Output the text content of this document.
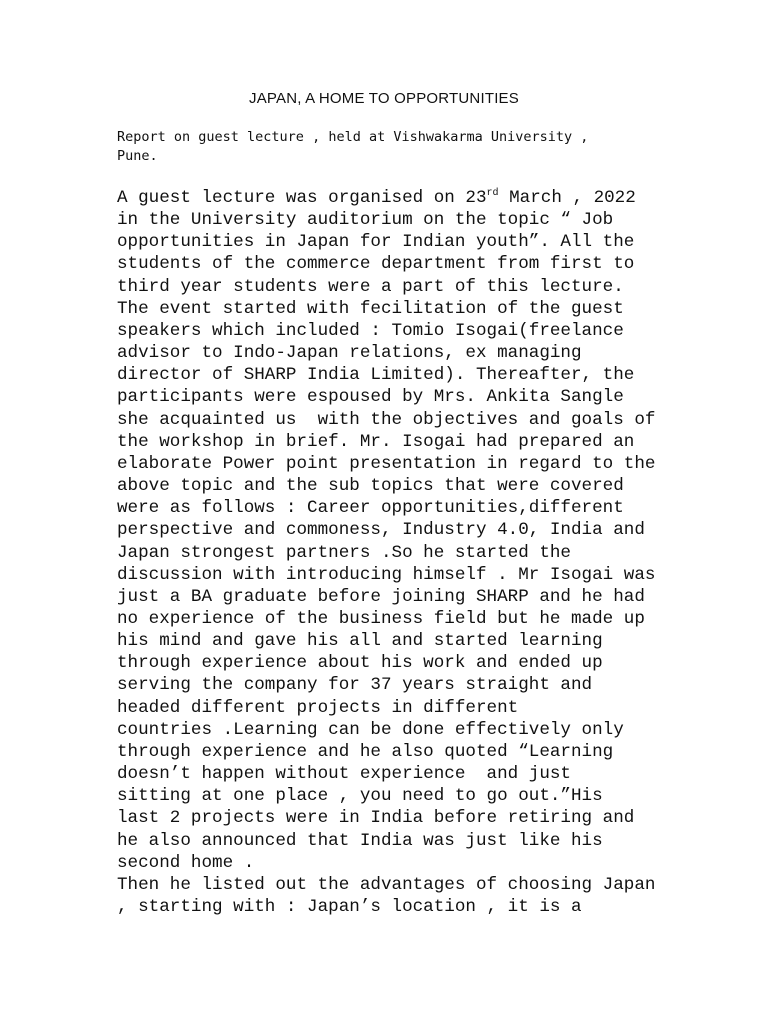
JAPAN, A HOME TO OPPORTUNITIES
Report on guest lecture , held at Vishwakarma University ,
Pune.
A guest lecture was organised on 23rd March , 2022
in the University auditorium on the topic “ Job
opportunities in Japan for Indian youth”. All the
students of the commerce department from first to
third year students were a part of this lecture.
The event started with fecilitation of the guest
speakers which included : Tomio Isogai(freelance
advisor to Indo-Japan relations, ex managing
director of SHARP India Limited). Thereafter, the
participants were espoused by Mrs. Ankita Sangle
she acquainted us  with the objectives and goals of
the workshop in brief. Mr. Isogai had prepared an
elaborate Power point presentation in regard to the
above topic and the sub topics that were covered
were as follows : Career opportunities,different
perspective and commoness, Industry 4.0, India and
Japan strongest partners .So he started the
discussion with introducing himself . Mr Isogai was
just a BA graduate before joining SHARP and he had
no experience of the business field but he made up
his mind and gave his all and started learning
through experience about his work and ended up
serving the company for 37 years straight and
headed different projects in different
countries .Learning can be done effectively only
through experience and he also quoted “Learning
doesn’t happen without experience  and just
sitting at one place , you need to go out.”His
last 2 projects were in India before retiring and
he also announced that India was just like his
second home .
Then he listed out the advantages of choosing Japan
, starting with : Japan’s location , it is a
